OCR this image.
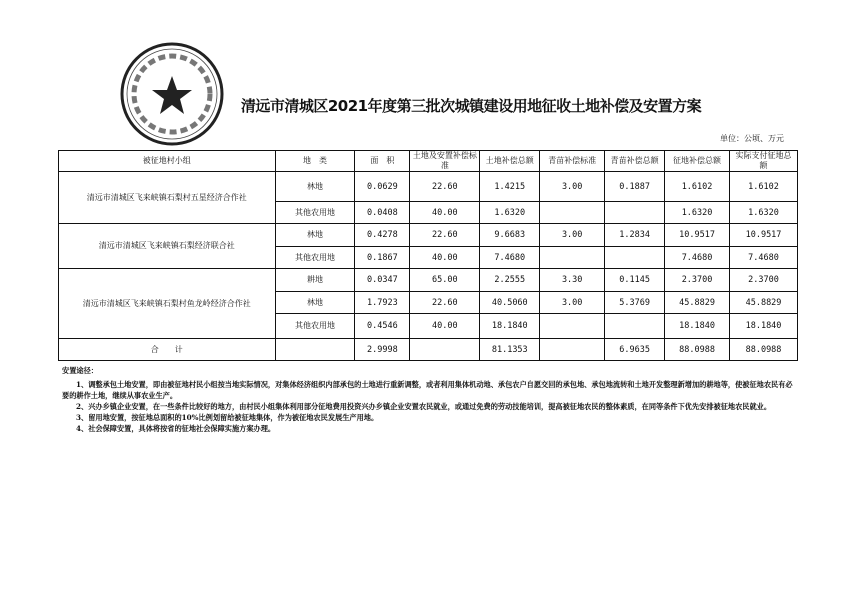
清远市清城区2021年度第三批次城镇建设用地征收土地补偿及安置方案
单位：公顷、万元
被征地村小组	地　类	面　积	土地及安置补偿标准	土地补偿总额	青苗补偿标准	青苗补偿总额	征地补偿总额	实际支付征地总额
清远市清城区飞来峡镇石梨村五星经济合作社	林地	0.0629	22.60	1.4215	3.00	0.1887	1.6102	1.6102
	其他农用地	0.0408	40.00	1.6320			1.6320	1.6320
清远市清城区飞来峡镇石梨经济联合社	林地	0.4278	22.60	9.6683	3.00	1.2834	10.9517	10.9517
	其他农用地	0.1867	40.00	7.4680			7.4680	7.4680
清远市清城区飞来峡镇石梨村鱼龙岭经济合作社	耕地	0.0347	65.00	2.2555	3.30	0.1145	2.3700	2.3700
	林地	1.7923	22.60	40.5060	3.00	5.3769	45.8829	45.8829
	其他农用地	0.4546	40.00	18.1840			18.1840	18.1840
合　　计		2.9998		81.1353		6.9635	88.0988	88.0988

安置途径：

1、调整承包土地安置，即由被征地村民小组按当地实际情况，对集体经济组织内部承包的土地进行重新调整，或者利用集体机动地、承包农户自愿交回的承包地、承包地流转和土地开发整理新增加的耕地等，使被征地农民有必要的耕作土地，继续从事农业生产。

2、兴办乡镇企业安置，在一些条件比较好的地方，由村民小组集体利用部分征地费用投资兴办乡镇企业安置农民就业，或通过免费的劳动技能培训，提高被征地农民的整体素质，在同等条件下优先安排被征地农民就业。

3、留用地安置，按征地总面积的10%比例划留给被征地集体，作为被征地农民发展生产用地。

4、社会保障安置，具体将按省的征地社会保障实施方案办理。
